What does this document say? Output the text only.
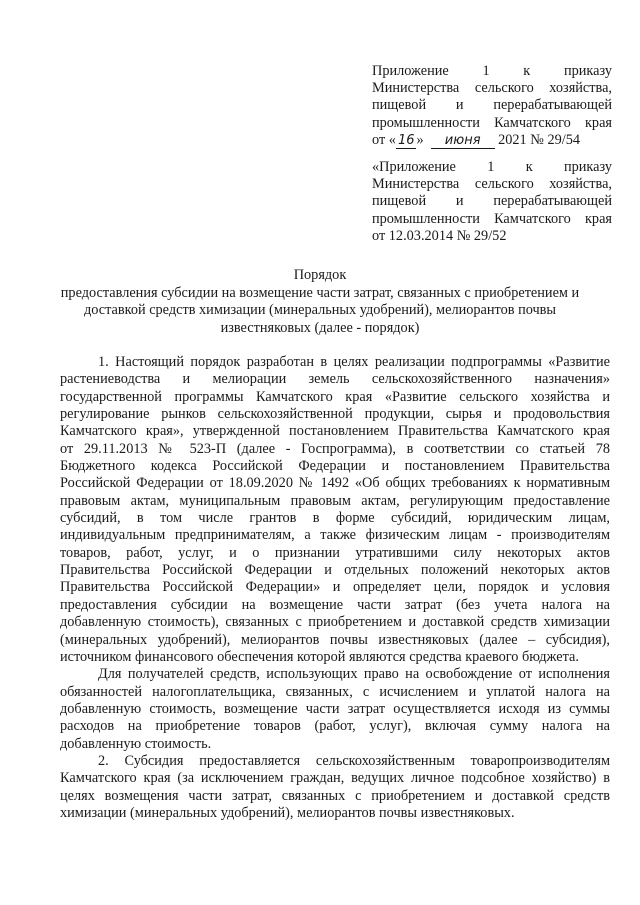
Приложение 1 к приказу
Министерства сельского хозяйства,
пищевой и перерабатывающей
промышленности Камчатского края
от « 16 » июня 2021 № 29/54
«Приложение 1 к приказу
Министерства сельского хозяйства,
пищевой и перерабатывающей
промышленности Камчатского края
от 12.03.2014 № 29/52
Порядок
предоставления субсидии на возмещение части затрат, связанных с приобретением и
доставкой средств химизации (минеральных удобрений), мелиорантов почвы
известняковых (далее - порядок)
1. Настоящий порядок разработан в целях реализации подпрограммы «Развитие
растениеводства и мелиорации земель сельскохозяйственного назначения»
государственной программы Камчатского края «Развитие сельского хозяйства и
регулирование рынков сельскохозяйственной продукции, сырья и продовольствия
Камчатского края», утвержденной постановлением Правительства Камчатского края
от 29.11.2013 № 523-П (далее - Госпрограмма), в соответствии со статьей 78
Бюджетного кодекса Российской Федерации и постановлением Правительства
Российской Федерации от 18.09.2020 № 1492 «Об общих требованиях к нормативным
правовым актам, муниципальным правовым актам, регулирующим предоставление
субсидий, в том числе грантов в форме субсидий, юридическим лицам,
индивидуальным предпринимателям, а также физическим лицам - производителям
товаров, работ, услуг, и о признании утратившими силу некоторых актов
Правительства Российской Федерации и отдельных положений некоторых актов
Правительства Российской Федерации» и определяет цели, порядок и условия
предоставления субсидии на возмещение части затрат (без учета налога на
добавленную стоимость), связанных с приобретением и доставкой средств химизации
(минеральных удобрений), мелиорантов почвы известняковых (далее – субсидия),
источником финансового обеспечения которой являются средства краевого бюджета.
Для получателей средств, использующих право на освобождение от исполнения
обязанностей налогоплательщика, связанных, с исчислением и уплатой налога на
добавленную стоимость, возмещение части затрат осуществляется исходя из суммы
расходов на приобретение товаров (работ, услуг), включая сумму налога на
добавленную стоимость.
2. Субсидия предоставляется сельскохозяйственным товаропроизводителям
Камчатского края (за исключением граждан, ведущих личное подсобное хозяйство) в
целях возмещения части затрат, связанных с приобретением и доставкой средств
химизации (минеральных удобрений), мелиорантов почвы известняковых.
